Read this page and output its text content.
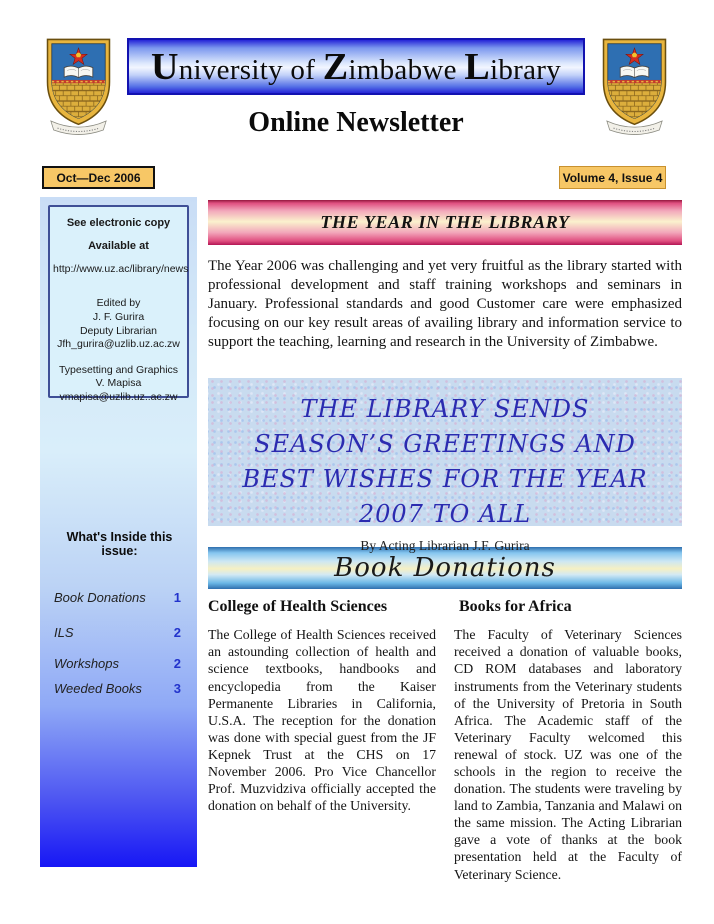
University of Zimbabwe Library
Online Newsletter
Oct—Dec 2006	Volume 4, Issue 4

See electronic copy

Available at

http://www.uz.ac/library/news

Edited by

J. F. Gurira

Deputy Librarian

Jfh_gurira@uzlib.uz.ac.zw

Typesetting and Graphics

V. Mapisa

vmapisa@uzlib.uz..ac.zw

What's Inside this issue:
Book Donations 1
ILS	2
Workshops	2
Weeded Books 3
THE YEAR IN THE LIBRARY

The Year 2006 was challenging and yet very fruitful as the library started with professional development and staff training workshops and seminars in January. Professional standards and good Customer care were emphasized focusing on our key result areas of availing library and information service to support the teaching, learning and research in the University of Zimbabwe.

THE LIBRARY SENDS SEASON’S GREETINGS AND BEST WISHES FOR THE YEAR 2007 TO ALL
By Acting Librarian J.F. Gurira
Book Donations
College of Health Sciences

The College of Health Sciences received an astounding collection of health and science textbooks, handbooks and encyclopedia from the Kaiser Permanente Libraries in California, U.S.A. The reception for the donation was done with special guest from the JF Kepnek Trust at the CHS on 17 November 2006. Pro Vice Chancellor Prof. Muzvidziva officially accepted the donation on behalf of the University.

Books for Africa

The Faculty of Veterinary Sciences received a donation of valuable books, CD ROM databases and laboratory instruments from the Veterinary students of the University of Pretoria in South Africa. The Academic staff of the Veterinary Faculty welcomed this renewal of stock. UZ was one of the schools in the region to receive the donation. The students were traveling by land to Zambia, Tanzania and Malawi on the same mission. The Acting Librarian gave a vote of thanks at the book presentation held at the Faculty of Veterinary Science.
